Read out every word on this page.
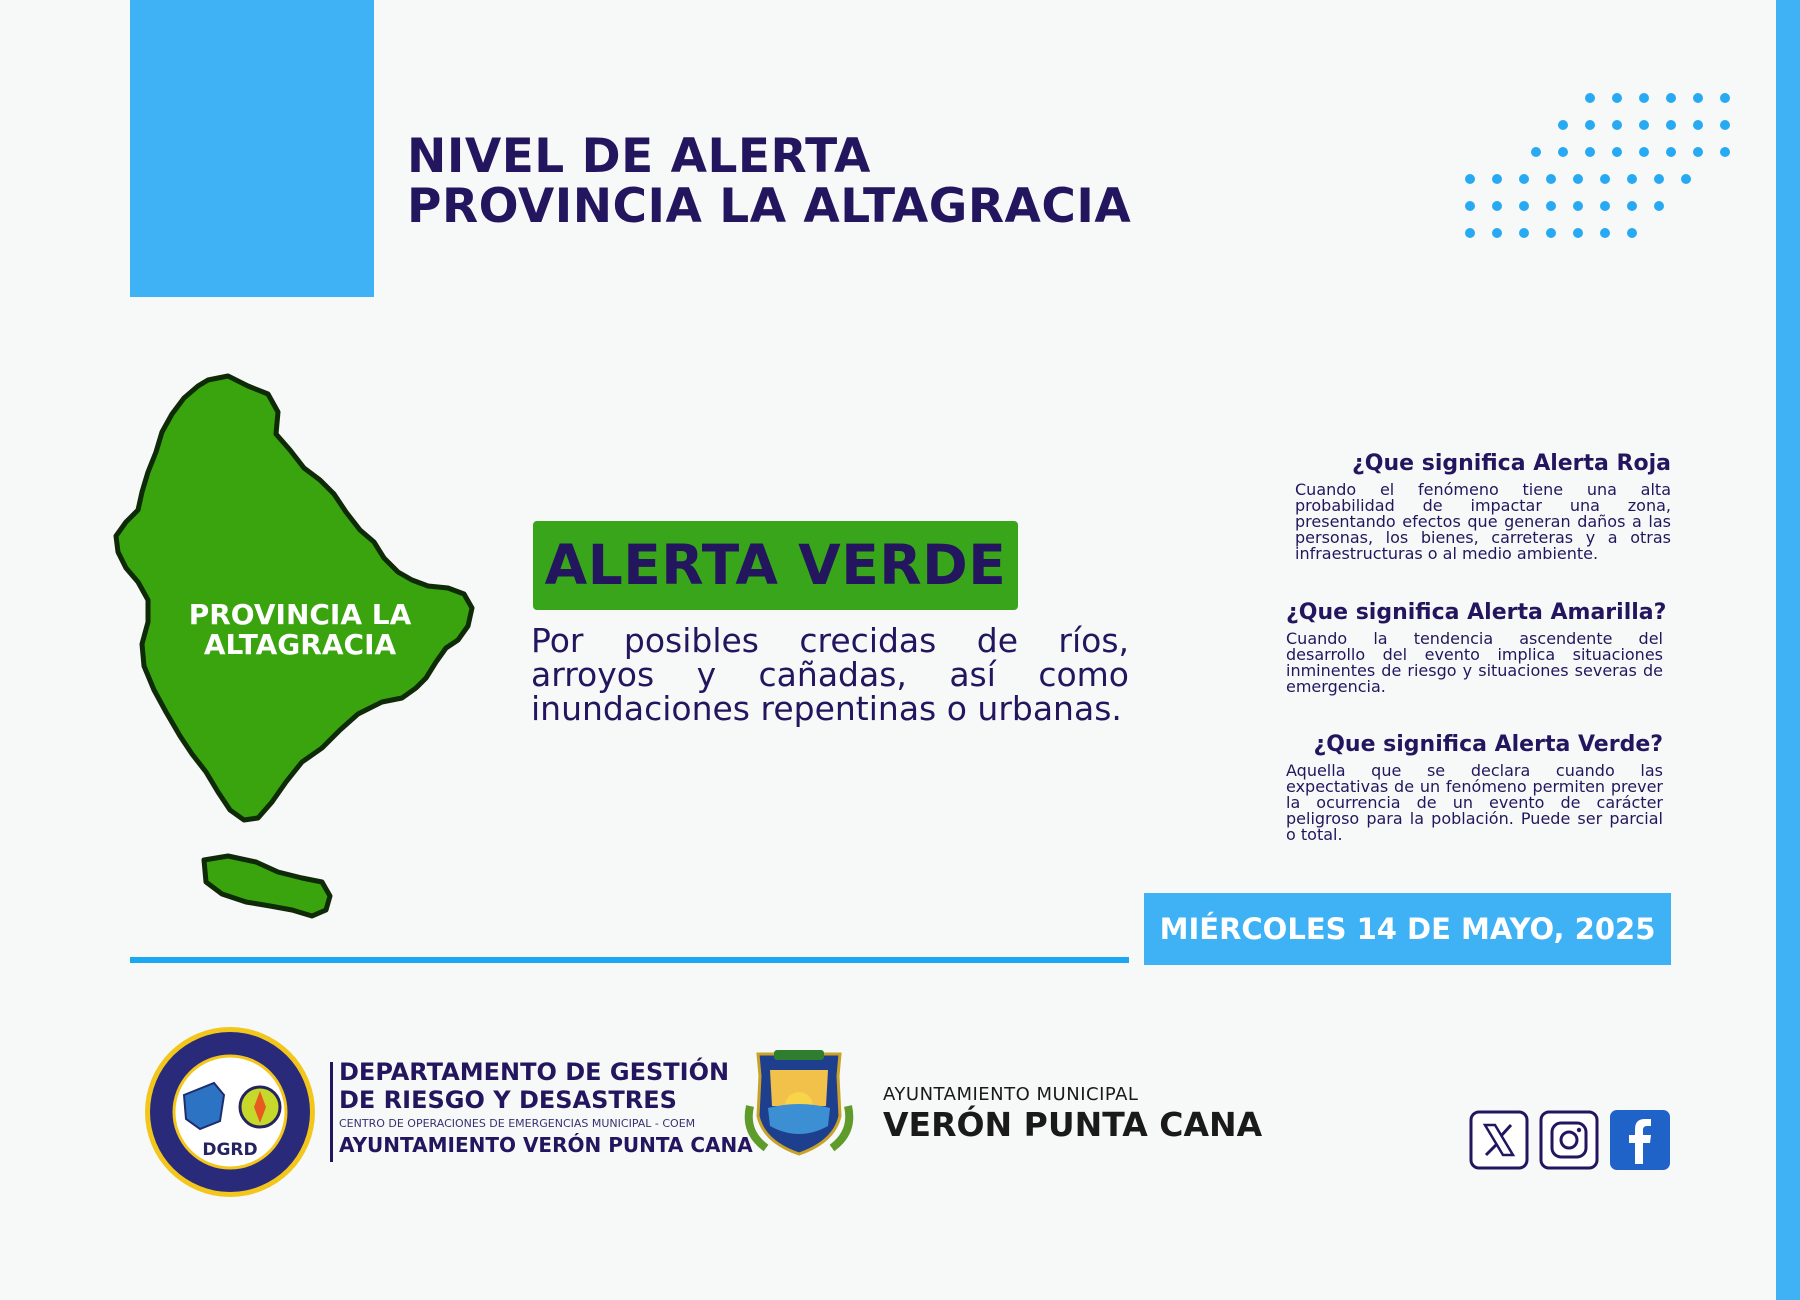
NIVEL DE ALERTA
PROVINCIA LA ALTAGRACIA
PROVINCIA LA ALTAGRACIA
ALERTA VERDE
Por posibles crecidas de ríos, arroyos y cañadas, así como inundaciones repentinas o urbanas.
¿Que significa Alerta Roja
Cuando el fenómeno tiene una alta probabilidad de impactar una zona, presentando efectos que generan daños a las personas, los bienes, carreteras y a otras infraestructuras o al medio ambiente.
¿Que significa Alerta Amarilla?
Cuando la tendencia ascendente del desarrollo del evento implica situaciones inminentes de riesgo y situaciones severas de emergencia.
¿Que significa Alerta Verde?
Aquella que se declara cuando las expectativas de un fenómeno permiten prever la ocurrencia de un evento de carácter peligroso para la población. Puede ser parcial o total.
MIÉRCOLES 14 DE MAYO, 2025
DGRD
DEPARTAMENTO DE GESTIÓN
DE RIESGO Y DESASTRES
CENTRO DE OPERACIONES DE EMERGENCIAS MUNICIPAL - COEM
AYUNTAMIENTO VERÓN PUNTA CANA
AYUNTAMIENTO MUNICIPAL
VERÓN PUNTA CANA
